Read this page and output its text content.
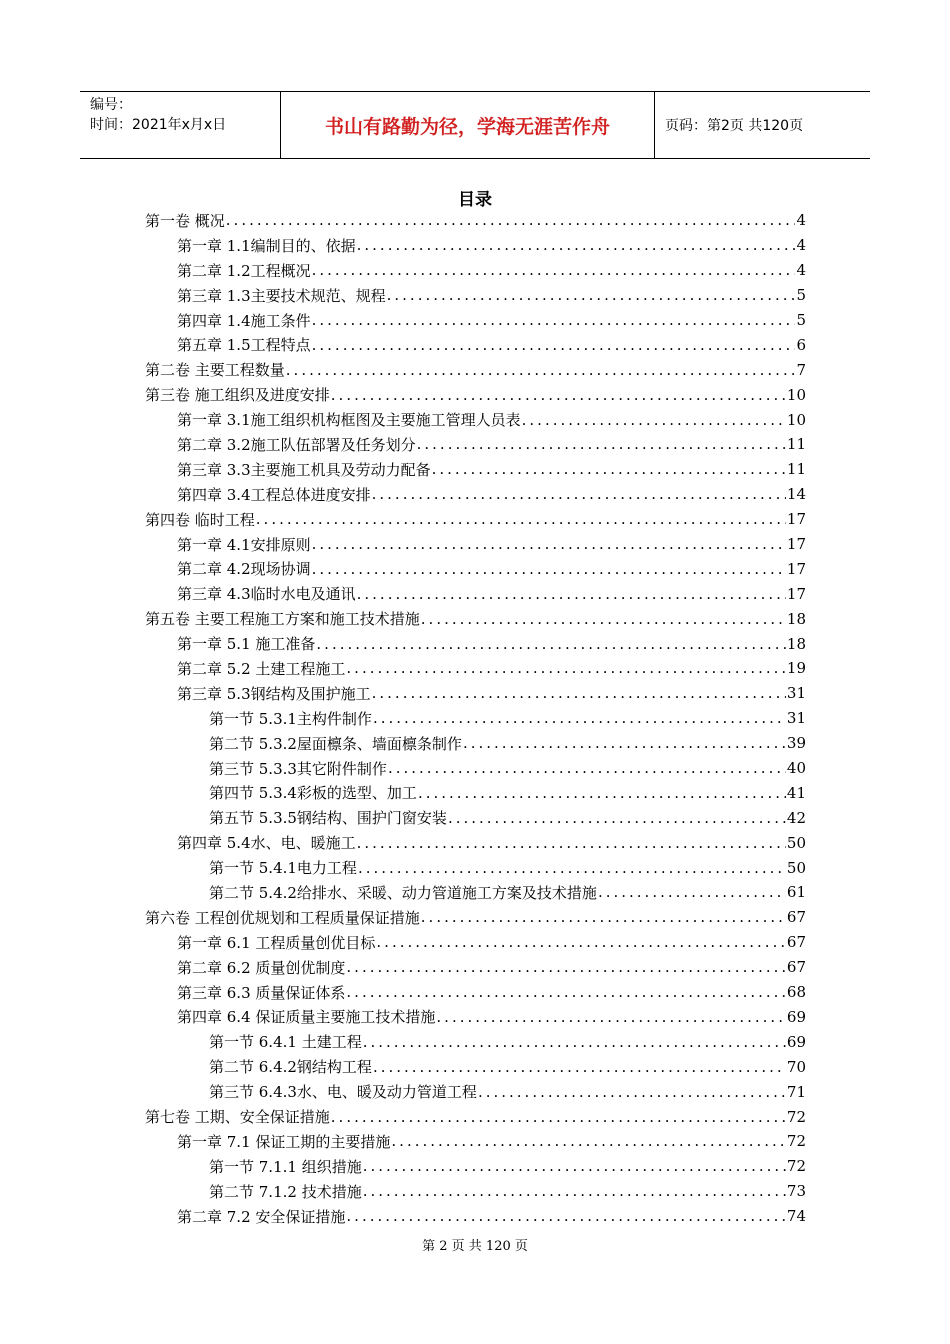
编号：
时间：2021年x月x日	书山有路勤为径，学海无涯苦作舟	页码：第2页 共120页
目录
第一卷 概况 .....	4
第一章 1.1编制目的、依据 .....	4
第二章 1.2工程概况 .....	4
第三章 1.3主要技术规范、规程 .....	5
第四章 1.4施工条件 .....	5
第五章 1.5工程特点 .....	6
第二卷 主要工程数量 .....	7
第三卷 施工组织及进度安排 .....	10
第一章 3.1施工组织机构框图及主要施工管理人员表 .....	10
第二章 3.2施工队伍部署及任务划分 .....	11
第三章 3.3主要施工机具及劳动力配备 .....	11
第四章 3.4工程总体进度安排 .....	14
第四卷 临时工程 .....	17
第一章 4.1安排原则 .....	17
第二章 4.2现场协调 .....	17
第三章 4.3临时水电及通讯 .....	17
第五卷 主要工程施工方案和施工技术措施 .....	18
第一章 5.1 施工准备 .....	18
第二章 5.2 土建工程施工 .....	19
第三章 5.3钢结构及围护施工 .....	31
第一节 5.3.1主构件制作 .....	31
第二节 5.3.2屋面檩条、墙面檩条制作 .....	39
第三节 5.3.3其它附件制作 .....	40
第四节 5.3.4彩板的选型、加工 .....	41
第五节 5.3.5钢结构、围护门窗安装 .....	42
第四章 5.4水、电、暖施工 .....	50
第一节 5.4.1电力工程 .....	50
第二节 5.4.2给排水、采暖、动力管道施工方案及技术措施 .....	61
第六卷 工程创优规划和工程质量保证措施 .....	67
第一章 6.1 工程质量创优目标 .....	67
第二章 6.2 质量创优制度 .....	67
第三章 6.3 质量保证体系 .....	68
第四章 6.4 保证质量主要施工技术措施 .....	69
第一节 6.4.1 土建工程 .....	69
第二节 6.4.2钢结构工程 .....	70
第三节 6.4.3水、电、暖及动力管道工程 .....	71
第七卷 工期、安全保证措施 .....	72
第一章 7.1 保证工期的主要措施 .....	72
第一节 7.1.1 组织措施 .....	72
第二节 7.1.2 技术措施 .....	73
第二章 7.2 安全保证措施 .....	74
第 2 页 共 120 页
